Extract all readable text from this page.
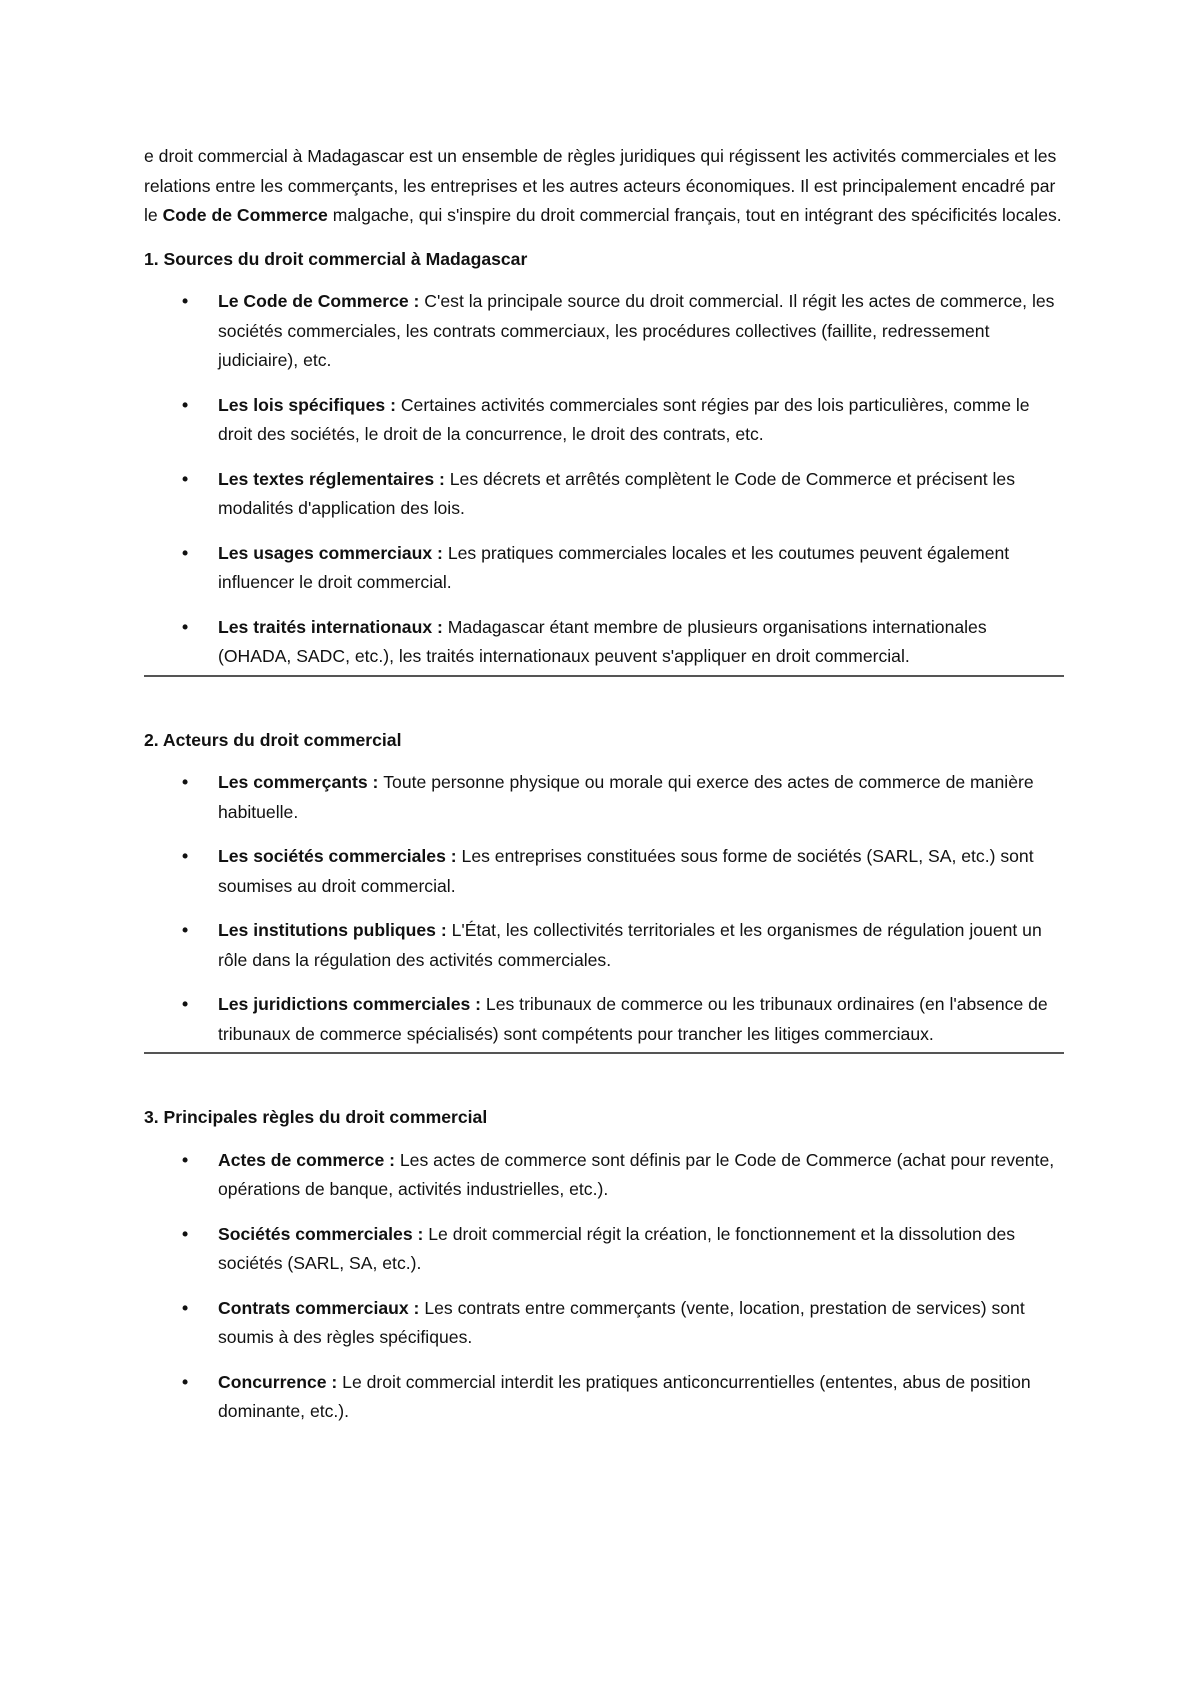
e droit commercial à Madagascar est un ensemble de règles juridiques qui régissent les activités commerciales et les relations entre les commerçants, les entreprises et les autres acteurs économiques. Il est principalement encadré par le Code de Commerce malgache, qui s'inspire du droit commercial français, tout en intégrant des spécificités locales.

1. Sources du droit commercial à Madagascar
• Le Code de Commerce : C'est la principale source du droit commercial. Il régit les actes de commerce, les sociétés commerciales, les contrats commerciaux, les procédures collectives (faillite, redressement judiciaire), etc.
• Les lois spécifiques : Certaines activités commerciales sont régies par des lois particulières, comme le droit des sociétés, le droit de la concurrence, le droit des contrats, etc.
• Les textes réglementaires : Les décrets et arrêtés complètent le Code de Commerce et précisent les modalités d'application des lois.
• Les usages commerciaux : Les pratiques commerciales locales et les coutumes peuvent également influencer le droit commercial.
• Les traités internationaux : Madagascar étant membre de plusieurs organisations internationales (OHADA, SADC, etc.), les traités internationaux peuvent s'appliquer en droit commercial.
2. Acteurs du droit commercial
• Les commerçants : Toute personne physique ou morale qui exerce des actes de commerce de manière habituelle.
• Les sociétés commerciales : Les entreprises constituées sous forme de sociétés (SARL, SA, etc.) sont soumises au droit commercial.
• Les institutions publiques : L'État, les collectivités territoriales et les organismes de régulation jouent un rôle dans la régulation des activités commerciales.
• Les juridictions commerciales : Les tribunaux de commerce ou les tribunaux ordinaires (en l'absence de tribunaux de commerce spécialisés) sont compétents pour trancher les litiges commerciaux.
3. Principales règles du droit commercial
• Actes de commerce : Les actes de commerce sont définis par le Code de Commerce (achat pour revente, opérations de banque, activités industrielles, etc.).
• Sociétés commerciales : Le droit commercial régit la création, le fonctionnement et la dissolution des sociétés (SARL, SA, etc.).
• Contrats commerciaux : Les contrats entre commerçants (vente, location, prestation de services) sont soumis à des règles spécifiques.
• Concurrence : Le droit commercial interdit les pratiques anticoncurrentielles (ententes, abus de position dominante, etc.).
